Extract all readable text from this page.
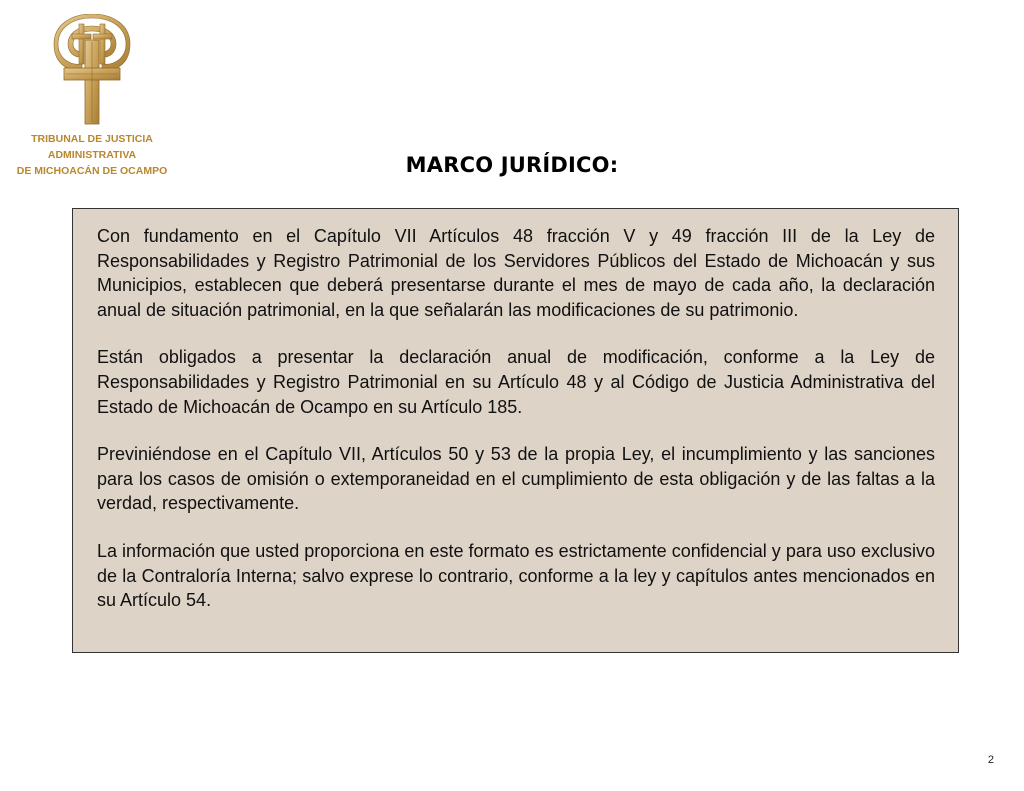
TRIBUNAL DE JUSTICIA
ADMINISTRATIVA
DE MICHOACÁN DE OCAMPO	MARCO JURÍDICO:

Con fundamento en el Capítulo VII Artículos 48 fracción V y 49 fracción III de la Ley de Responsabilidades y Registro Patrimonial de los Servidores Públicos del Estado de Michoacán y sus Municipios, establecen que deberá presentarse durante el mes de mayo de cada año, la declaración anual de situación patrimonial, en la que señalarán las modificaciones de su patrimonio.

Están obligados a presentar la declaración anual de modificación, conforme a la Ley de Responsabilidades y Registro Patrimonial en su Artículo 48 y al Código de Justicia Administrativa del Estado de Michoacán de Ocampo en su Artículo 185.

Previniéndose en el Capítulo VII, Artículos 50 y 53 de la propia Ley, el incumplimiento y las sanciones para los casos de omisión o extemporaneidad en el cumplimiento de esta obligación y de las faltas a la verdad, respectivamente.

La información que usted proporciona en este formato es estrictamente confidencial y para uso exclusivo de la Contraloría Interna; salvo exprese lo contrario, conforme a la ley y capítulos antes mencionados en su Artículo 54.

2
